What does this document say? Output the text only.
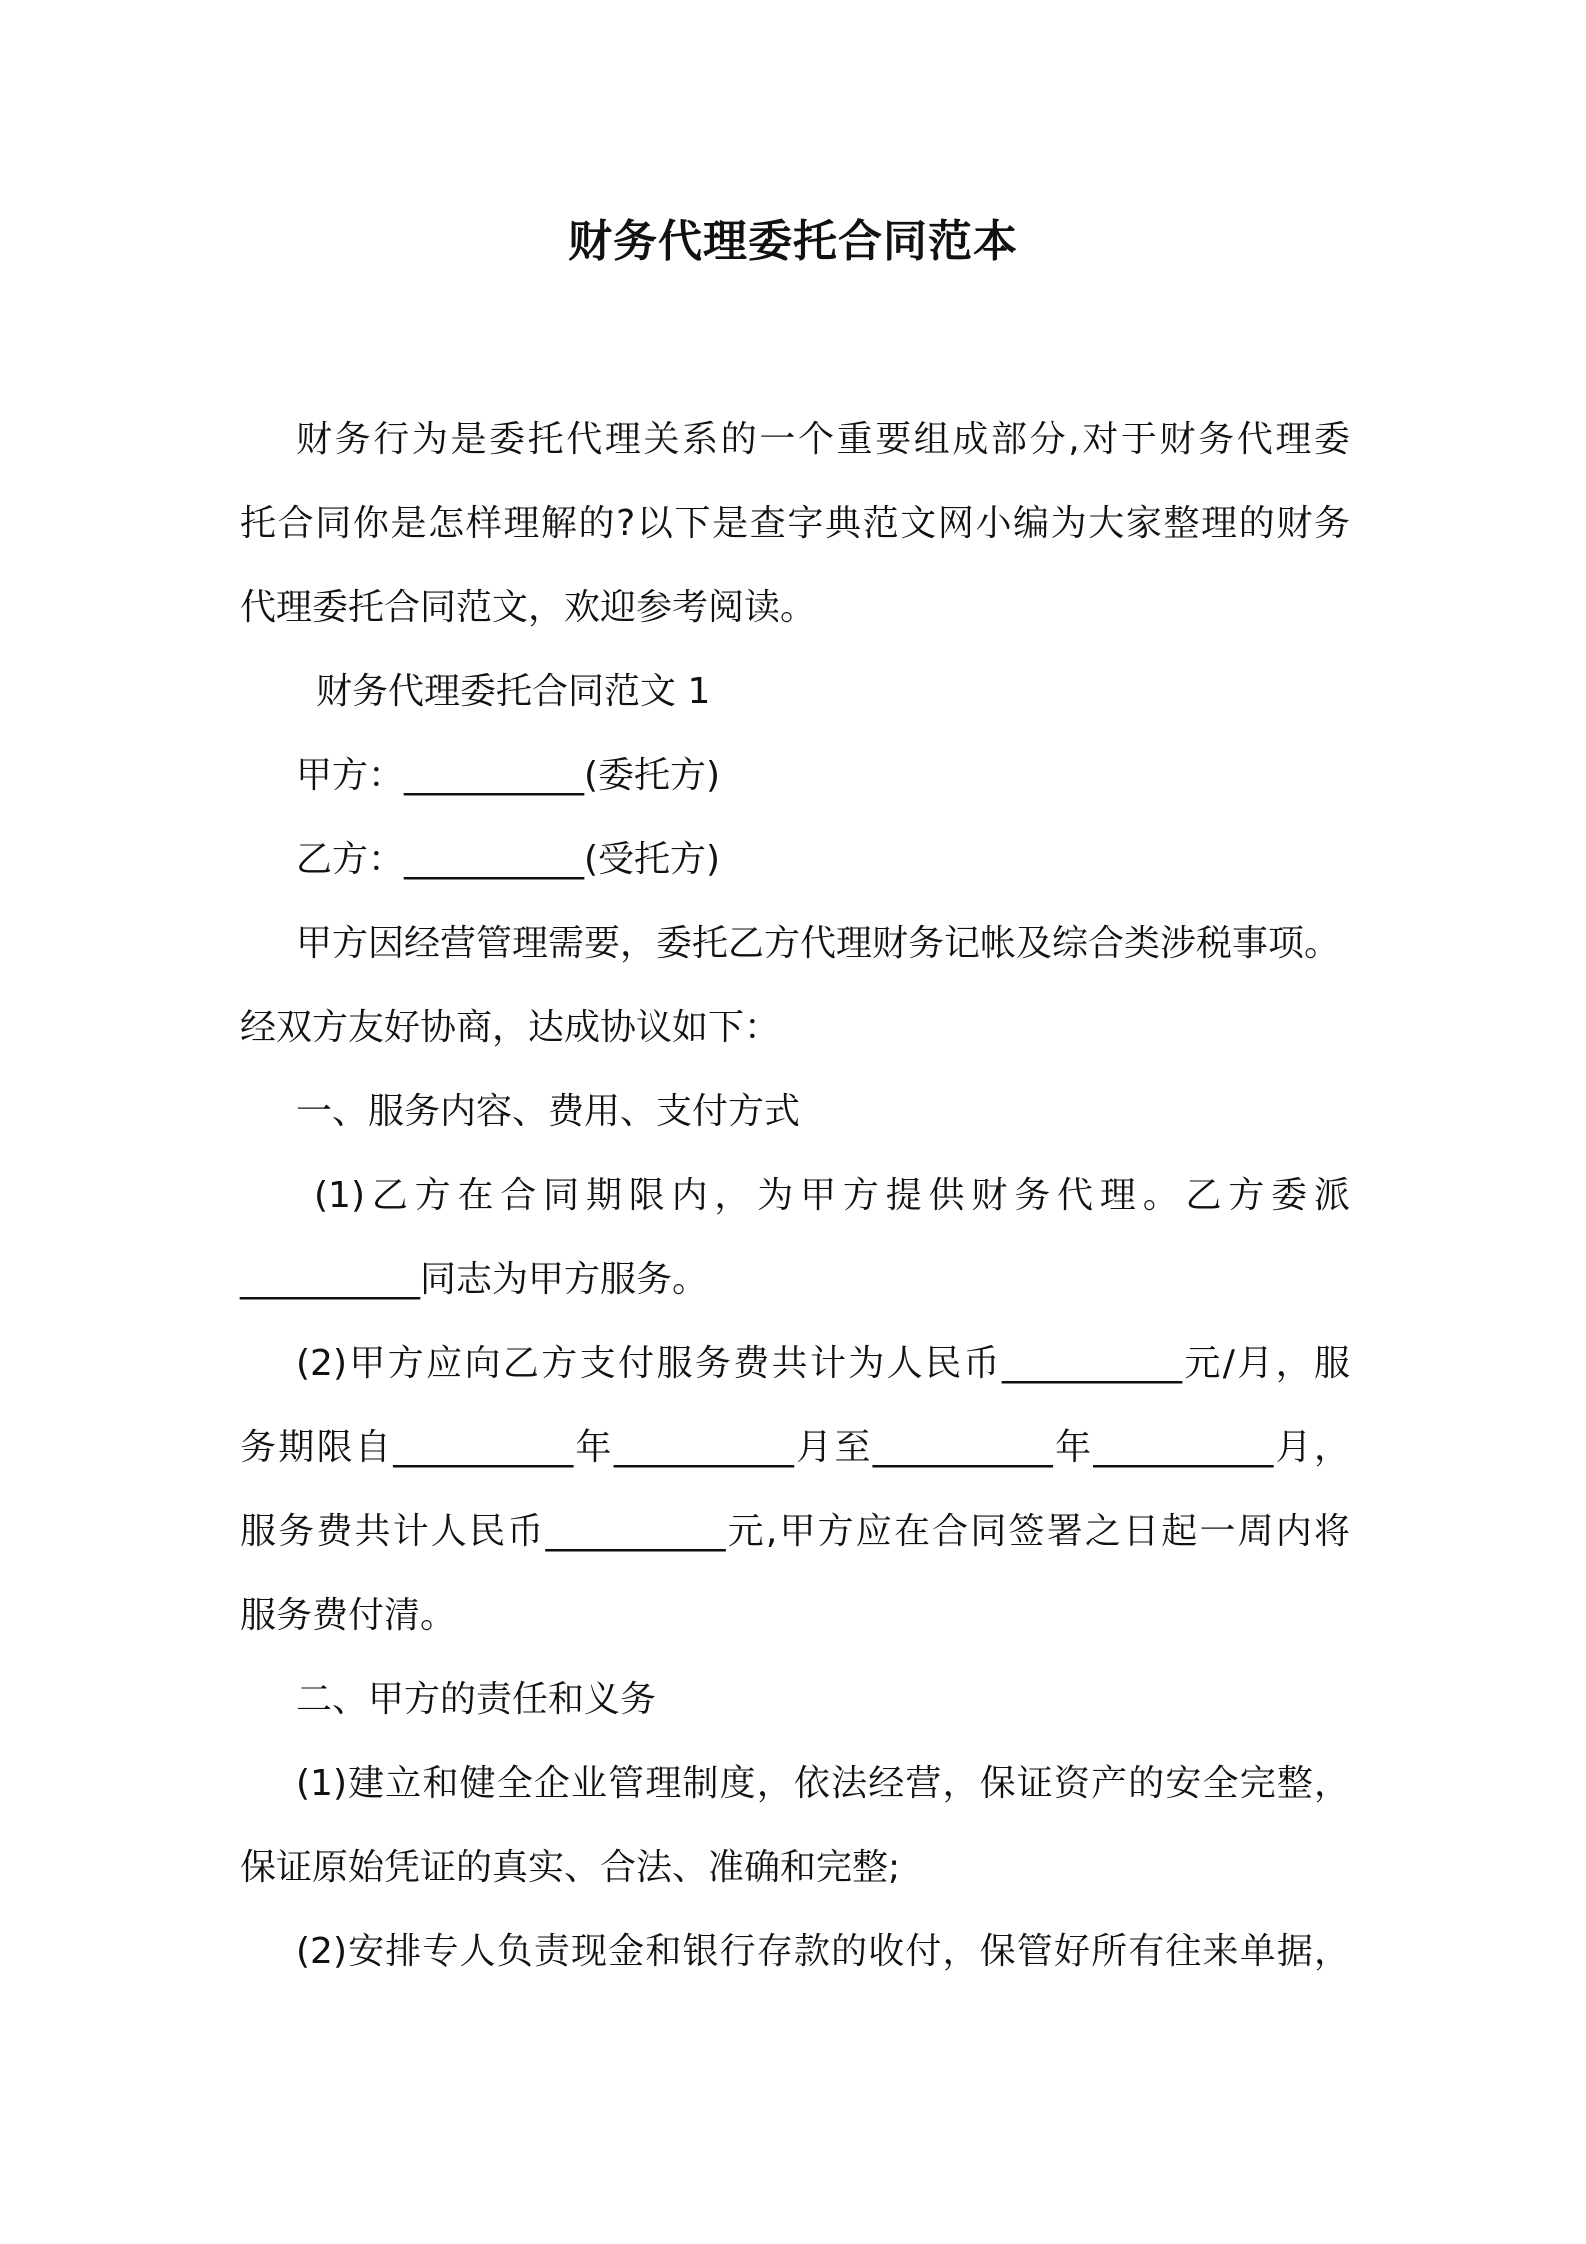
财务代理委托合同范本
财务行为是委托代理关系的一个重要组成部分,对于财务代理委
托合同你是怎样理解的?以下是查字典范文网小编为大家整理的财务
代理委托合同范文，欢迎参考阅读。
财务代理委托合同范文 1
甲方：__________(委托方)
乙方：__________(受托方)
甲方因经营管理需要，委托乙方代理财务记帐及综合类涉税事项。
经双方友好协商，达成协议如下：
一、服务内容、费用、支付方式
(1)乙方在合同期限内，为甲方提供财务代理。乙方委派
__________同志为甲方服务。
(2)甲方应向乙方支付服务费共计为人民币__________元/月，服
务期限自__________年__________月至__________年__________月，
服务费共计人民币__________元,甲方应在合同签署之日起一周内将
服务费付清。
二、甲方的责任和义务
(1)建立和健全企业管理制度，依法经营，保证资产的安全完整，
保证原始凭证的真实、合法、准确和完整;
(2)安排专人负责现金和银行存款的收付，保管好所有往来单据，
